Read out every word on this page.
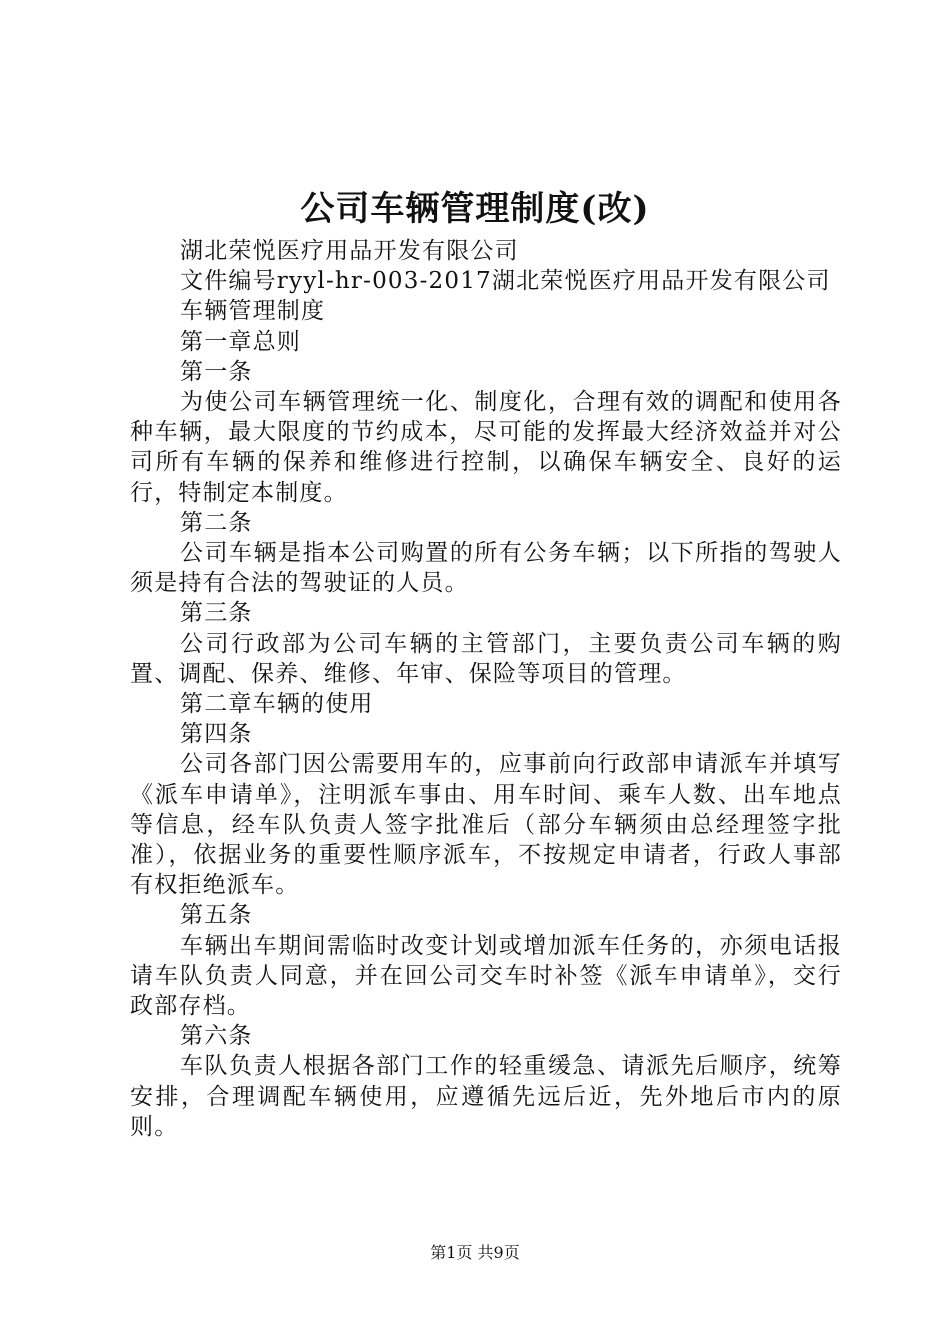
公司车辆管理制度(改)

湖北荣悦医疗用品开发有限公司

文件编号ryyl-hr-003-2017湖北荣悦医疗用品开发有限公司

车辆管理制度

第一章总则

第一条

为使公司车辆管理统一化、制度化，合理有效的调配和使用各种车辆，最大限度的节约成本，尽可能的发挥最大经济效益并对公司所有车辆的保养和维修进行控制，以确保车辆安全、良好的运行，特制定本制度。

第二条

公司车辆是指本公司购置的所有公务车辆；以下所指的驾驶人须是持有合法的驾驶证的人员。

第三条

公司行政部为公司车辆的主管部门，主要负责公司车辆的购置、调配、保养、维修、年审、保险等项目的管理。

第二章车辆的使用

第四条

公司各部门因公需要用车的，应事前向行政部申请派车并填写《派车申请单》，注明派车事由、用车时间、乘车人数、出车地点等信息，经车队负责人签字批准后（部分车辆须由总经理签字批准），依据业务的重要性顺序派车，不按规定申请者，行政人事部有权拒绝派车。

第五条

车辆出车期间需临时改变计划或增加派车任务的，亦须电话报请车队负责人同意，并在回公司交车时补签《派车申请单》，交行政部存档。

第六条

车队负责人根据各部门工作的轻重缓急、请派先后顺序，统筹安排，合理调配车辆使用，应遵循先远后近，先外地后市内的原则。

第1页 共9页
